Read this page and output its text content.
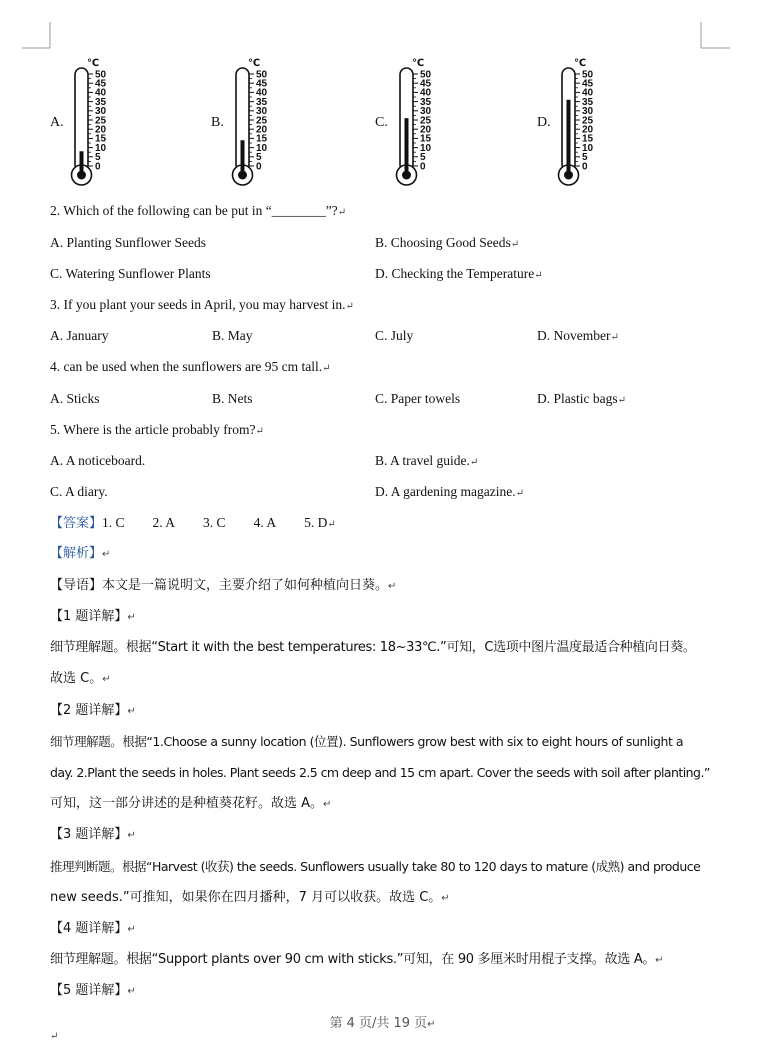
A.
50
45
40
35
30
25
20
15
10
5
0
℃
B.
50
45
40
35
30
25
20
15
10
5
0
℃
C.
50
45
40
35
30
25
20
15
10
5
0
℃
D.
50
45
40
35
30
25
20
15
10
5
0
℃
2. Which of the following can be put in “________”?↵
A. Planting Sunflower Seeds	B. Choosing Good Seeds↵
C. Watering Sunflower Plants	D. Checking the Temperature↵
3. If you plant your seeds in April, you may harvest in.↵
A. January	B. May	C. July	D. November↵
4. can be used when the sunflowers are 95 cm tall.↵
A. Sticks	B. Nets	C. Paper towels	D. Plastic bags↵
5. Where is the article probably from?↵
A. A noticeboard.	B. A travel guide.↵
C. A diary.	D. A gardening magazine.↵
【答案】1. C 2. A 3. C 4. A 5. D↵
【解析】↵
【导语】本文是一篇说明文，主要介绍了如何种植向日葵。↵
【1 题详解】↵
细节理解题。根据“Start it with the best temperatures: 18~33℃.”可知，C选项中图片温度最适合种植向日葵。
故选 C。↵
【2 题详解】↵
细节理解题。根据“1.Choose a sunny location (位置). Sunflowers grow best with six to eight hours of sunlight a
day. 2.Plant the seeds in holes. Plant seeds 2.5 cm deep and 15 cm apart. Cover the seeds with soil after planting.”
可知，这一部分讲述的是种植葵花籽。故选 A。↵
【3 题详解】↵
推理判断题。根据“Harvest (收获) the seeds. Sunflowers usually take 80 to 120 days to mature (成熟) and produce
new seeds.”可推知，如果你在四月播种，7 月可以收获。故选 C。↵
【4 题详解】↵
细节理解题。根据“Support plants over 90 cm with sticks.”可知，在 90 多厘米时用棍子支撑。故选 A。↵
【5 题详解】↵
↵
第 4 页/共 19 页↵
